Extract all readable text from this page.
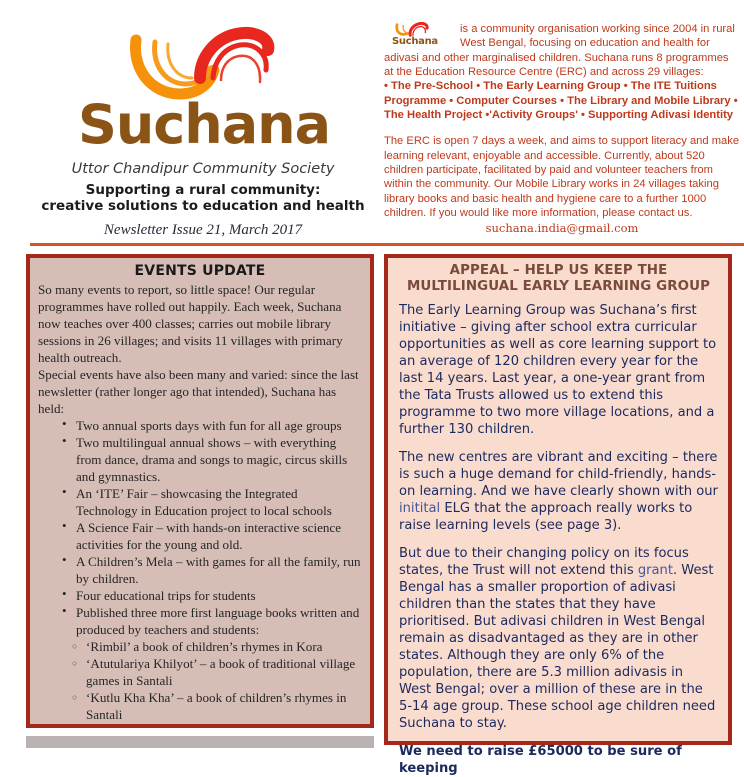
Suchana
Uttor Chandipur Community Society
Supporting a rural community:
creative solutions to education and health
Newsletter Issue 21, March 2017
Suchana

is a community organisation working since 2004 in rural West Bengal, focusing on education and health for adivasi and other marginalised children. Suchana runs 8 programmes at the Education Resource Centre (ERC) and across 29 villages:

• The Pre-School • The Early Learning Group • The ITE Tuitions Programme • Computer Courses • The Library and Mobile Library • The Health Project •'Activity Groups' • Supporting Adivasi Identity

The ERC is open 7 days a week, and aims to support literacy and make learning relevant, enjoyable and accessible. Currently, about 520 children participate, facilitated by paid and volunteer teachers from within the community. Our Mobile Library works in 24 villages taking library books and basic health and hygiene care to a further 1000 children. If you would like more information, please contact us.

suchana.india@gmail.com
EVENTS UPDATE

So many events to report, so little space! Our regular programmes have rolled out happily. Each week, Suchana now teaches over 400 classes; carries out mobile library sessions in 26 villages; and visits 11 villages with primary health outreach.

Special events have also been many and varied: since the last newsletter (rather longer ago that intended), Suchana has held:

• Two annual sports days with fun for all age groups
• Two multilingual annual shows – with everything from dance, drama and songs to magic, circus skills and gymnastics.
• An ‘ITE’ Fair – showcasing the Integrated Technology in Education project to local schools
• A Science Fair – with hands-on interactive science activities for the young and old.
• A Children’s Mela – with games for all the family, run by children.
• Four educational trips for students
• Published three more first language books written and produced by teachers and students:
○ ‘Rimbil’ a book of children’s rhymes in Kora
○ ‘Atutulariya Khilyot’ – a book of traditional village games in Santali
○ ‘Kutlu Kha Kha’ – a book of children’s rhymes in Santali
APPEAL – HELP US KEEP THE
MULTILINGUAL EARLY LEARNING GROUP

The Early Learning Group was Suchana’s first initiative – giving after school extra curricular opportunities as well as core learning support to an average of 120 children every year for the last 14 years. Last year, a one-year grant from the Tata Trusts allowed us to extend this programme to two more village locations, and a further 130 children.

The new centres are vibrant and exciting – there is such a huge demand for child-friendly, hands-on learning. And we have clearly shown with our initital ELG that the approach really works to raise learning levels (see page 3).

But due to their changing policy on its focus states, the Trust will not extend this grant. West Bengal has a smaller proportion of adivasi children than the states that they have prioritised. But adivasi children in West Bengal remain as disadvantaged as they are in other states. Although they are only 6% of the population, there are 5.3 million adivasis in West Bengal; over a million of these are in the 5-14 age group. These school age children need Suchana to stay.

We need to raise £65000 to be sure of keeping
